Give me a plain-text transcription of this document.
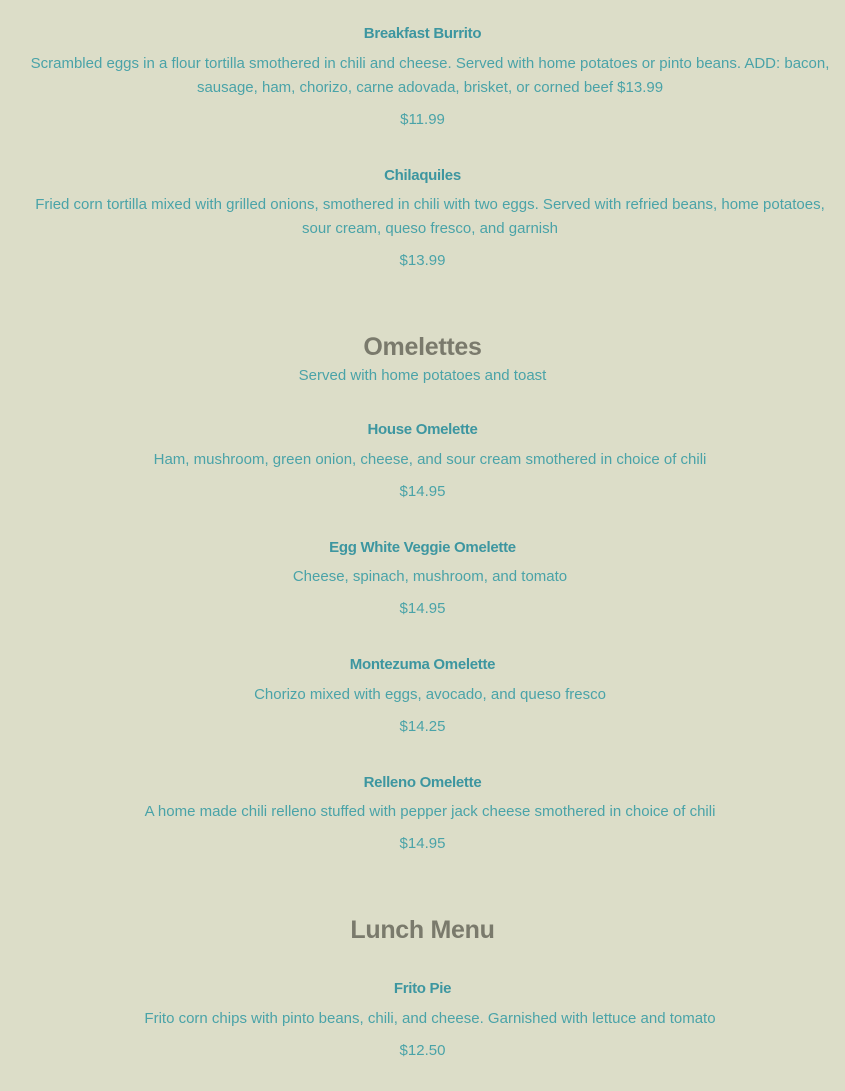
Breakfast Burrito

Scrambled eggs in a flour tortilla smothered in chili and cheese. Served with home potatoes or pinto beans. ADD: bacon, sausage, ham, chorizo, carne adovada, brisket, or corned beef $13.99

$11.99

Chilaquiles

Fried corn tortilla mixed with grilled onions, smothered in chili with two eggs. Served with refried beans, home potatoes, sour cream, queso fresco, and garnish

$13.99

Omelettes

Served with home potatoes and toast

House Omelette

Ham, mushroom, green onion, cheese, and sour cream smothered in choice of chili

$14.95

Egg White Veggie Omelette

Cheese, spinach, mushroom, and tomato

$14.95

Montezuma Omelette

Chorizo mixed with eggs, avocado, and queso fresco

$14.25

Relleno Omelette

A home made chili relleno stuffed with pepper jack cheese smothered in choice of chili

$14.95

Lunch Menu
Frito Pie

Frito corn chips with pinto beans, chili, and cheese. Garnished with lettuce and tomato

$12.50
